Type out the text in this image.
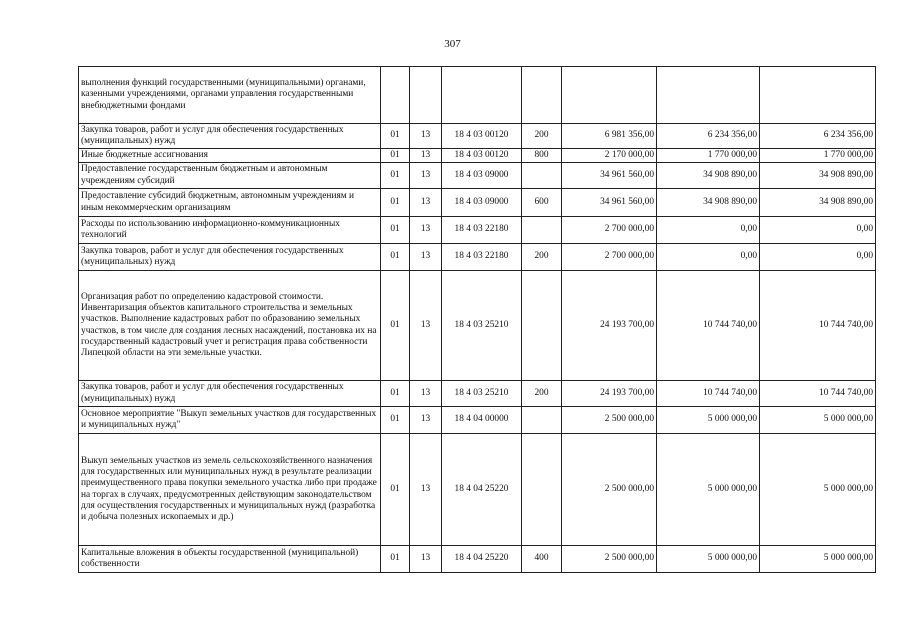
307
выполнения функций государственными (муниципальными) органами, казенными учреждениями, органами управления государственными внебюджетными фондами							
Закупка товаров, работ и услуг для обеспечения государственных (муниципальных) нужд	01	13	18 4 03 00120	200	6 981 356,00	6 234 356,00	6 234 356,00
Иные бюджетные ассигнования	01	13	18 4 03 00120	800	2 170 000,00	1 770 000,00	1 770 000,00
Предоставление государственным бюджетным и автономным учреждениям субсидий	01	13	18 4 03 09000		34 961 560,00	34 908 890,00	34 908 890,00
Предоставление субсидий бюджетным, автономным учреждениям и иным некоммерческим организациям	01	13	18 4 03 09000	600	34 961 560,00	34 908 890,00	34 908 890,00
Расходы по использованию информационно-коммуникационных технологий	01	13	18 4 03 22180		2 700 000,00	0,00	0,00
Закупка товаров, работ и услуг для обеспечения государственных (муниципальных) нужд	01	13	18 4 03 22180	200	2 700 000,00	0,00	0,00
Организация работ по определению кадастровой стоимости. Инвентаризация объектов капитального строительства и земельных участков. Выполнение кадастровых работ по образованию земельных участков, в том числе для создания лесных насаждений, постановка их на государственный кадастровый учет и регистрация права собственности Липецкой области на эти земельные участки.	01	13	18 4 03 25210		24 193 700,00	10 744 740,00	10 744 740,00
Закупка товаров, работ и услуг для обеспечения государственных (муниципальных) нужд	01	13	18 4 03 25210	200	24 193 700,00	10 744 740,00	10 744 740,00
Основное мероприятие "Выкуп земельных участков для государственных и муниципальных нужд"	01	13	18 4 04 00000		2 500 000,00	5 000 000,00	5 000 000,00
Выкуп земельных участков из земель сельскохозяйственного назначения для государственных или муниципальных нужд в результате реализации преимущественного права покупки земельного участка либо при продаже на торгах в случаях, предусмотренных действующим законодательством для осуществления государственных и муниципальных нужд (разработка и добыча полезных ископаемых и др.)	01	13	18 4 04 25220		2 500 000,00	5 000 000,00	5 000 000,00
Капитальные вложения в объекты государственной (муниципальной) собственности	01	13	18 4 04 25220	400	2 500 000,00	5 000 000,00	5 000 000,00
